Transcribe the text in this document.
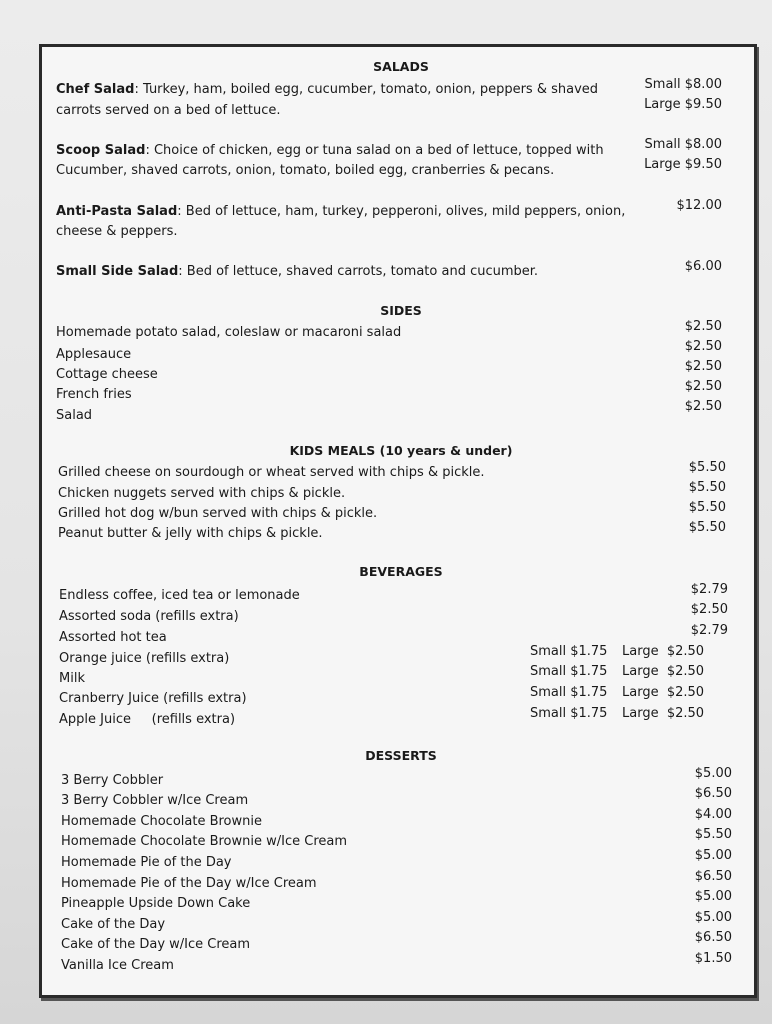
SALADS
Chef Salad: Turkey, ham, boiled egg, cucumber, tomato, onion, peppers & shaved
carrots served on a bed of lettuce.
Small $8.00
Large $9.50
Scoop Salad: Choice of chicken, egg or tuna salad on a bed of lettuce, topped with
Cucumber, shaved carrots, onion, tomato, boiled egg, cranberries & pecans.
Small $8.00
Large $9.50
Anti-Pasta Salad: Bed of lettuce, ham, turkey, pepperoni, olives, mild peppers, onion,
cheese & peppers.
$12.00
Small Side Salad: Bed of lettuce, shaved carrots, tomato and cucumber.	$6.00
SIDES
Homemade potato salad, coleslaw or macaroni salad	$2.50
Applesauce
$2.50
Cottage cheese
$2.50
French fries
$2.50
Salad
$2.50
KIDS MEALS (10 years & under)
Grilled cheese on sourdough or wheat served with chips & pickle.	$5.50
Chicken nuggets served with chips & pickle.	$5.50
Grilled hot dog w/bun served with chips & pickle.	$5.50
Peanut butter & jelly with chips & pickle.	$5.50
BEVERAGES
Endless coffee, iced tea or lemonade	$2.79
Assorted soda (refills extra)	$2.50
Assorted hot tea	$2.79
Orange juice (refills extra)	Small $1.75 Large  $2.50
Milk	Small $1.75 Large  $2.50
Cranberry Juice (refills extra)	Small $1.75 Large  $2.50
Apple Juice     (refills extra)	Small $1.75 Large  $2.50
DESSERTS
3 Berry Cobbler	$5.00
3 Berry Cobbler w/Ice Cream	$6.50
Homemade Chocolate Brownie	$4.00
Homemade Chocolate Brownie w/Ice Cream	$5.50
Homemade Pie of the Day	$5.00
Homemade Pie of the Day w/Ice Cream	$6.50
Pineapple Upside Down Cake	$5.00
Cake of the Day	$5.00
Cake of the Day w/Ice Cream	$6.50
Vanilla Ice Cream	$1.50
